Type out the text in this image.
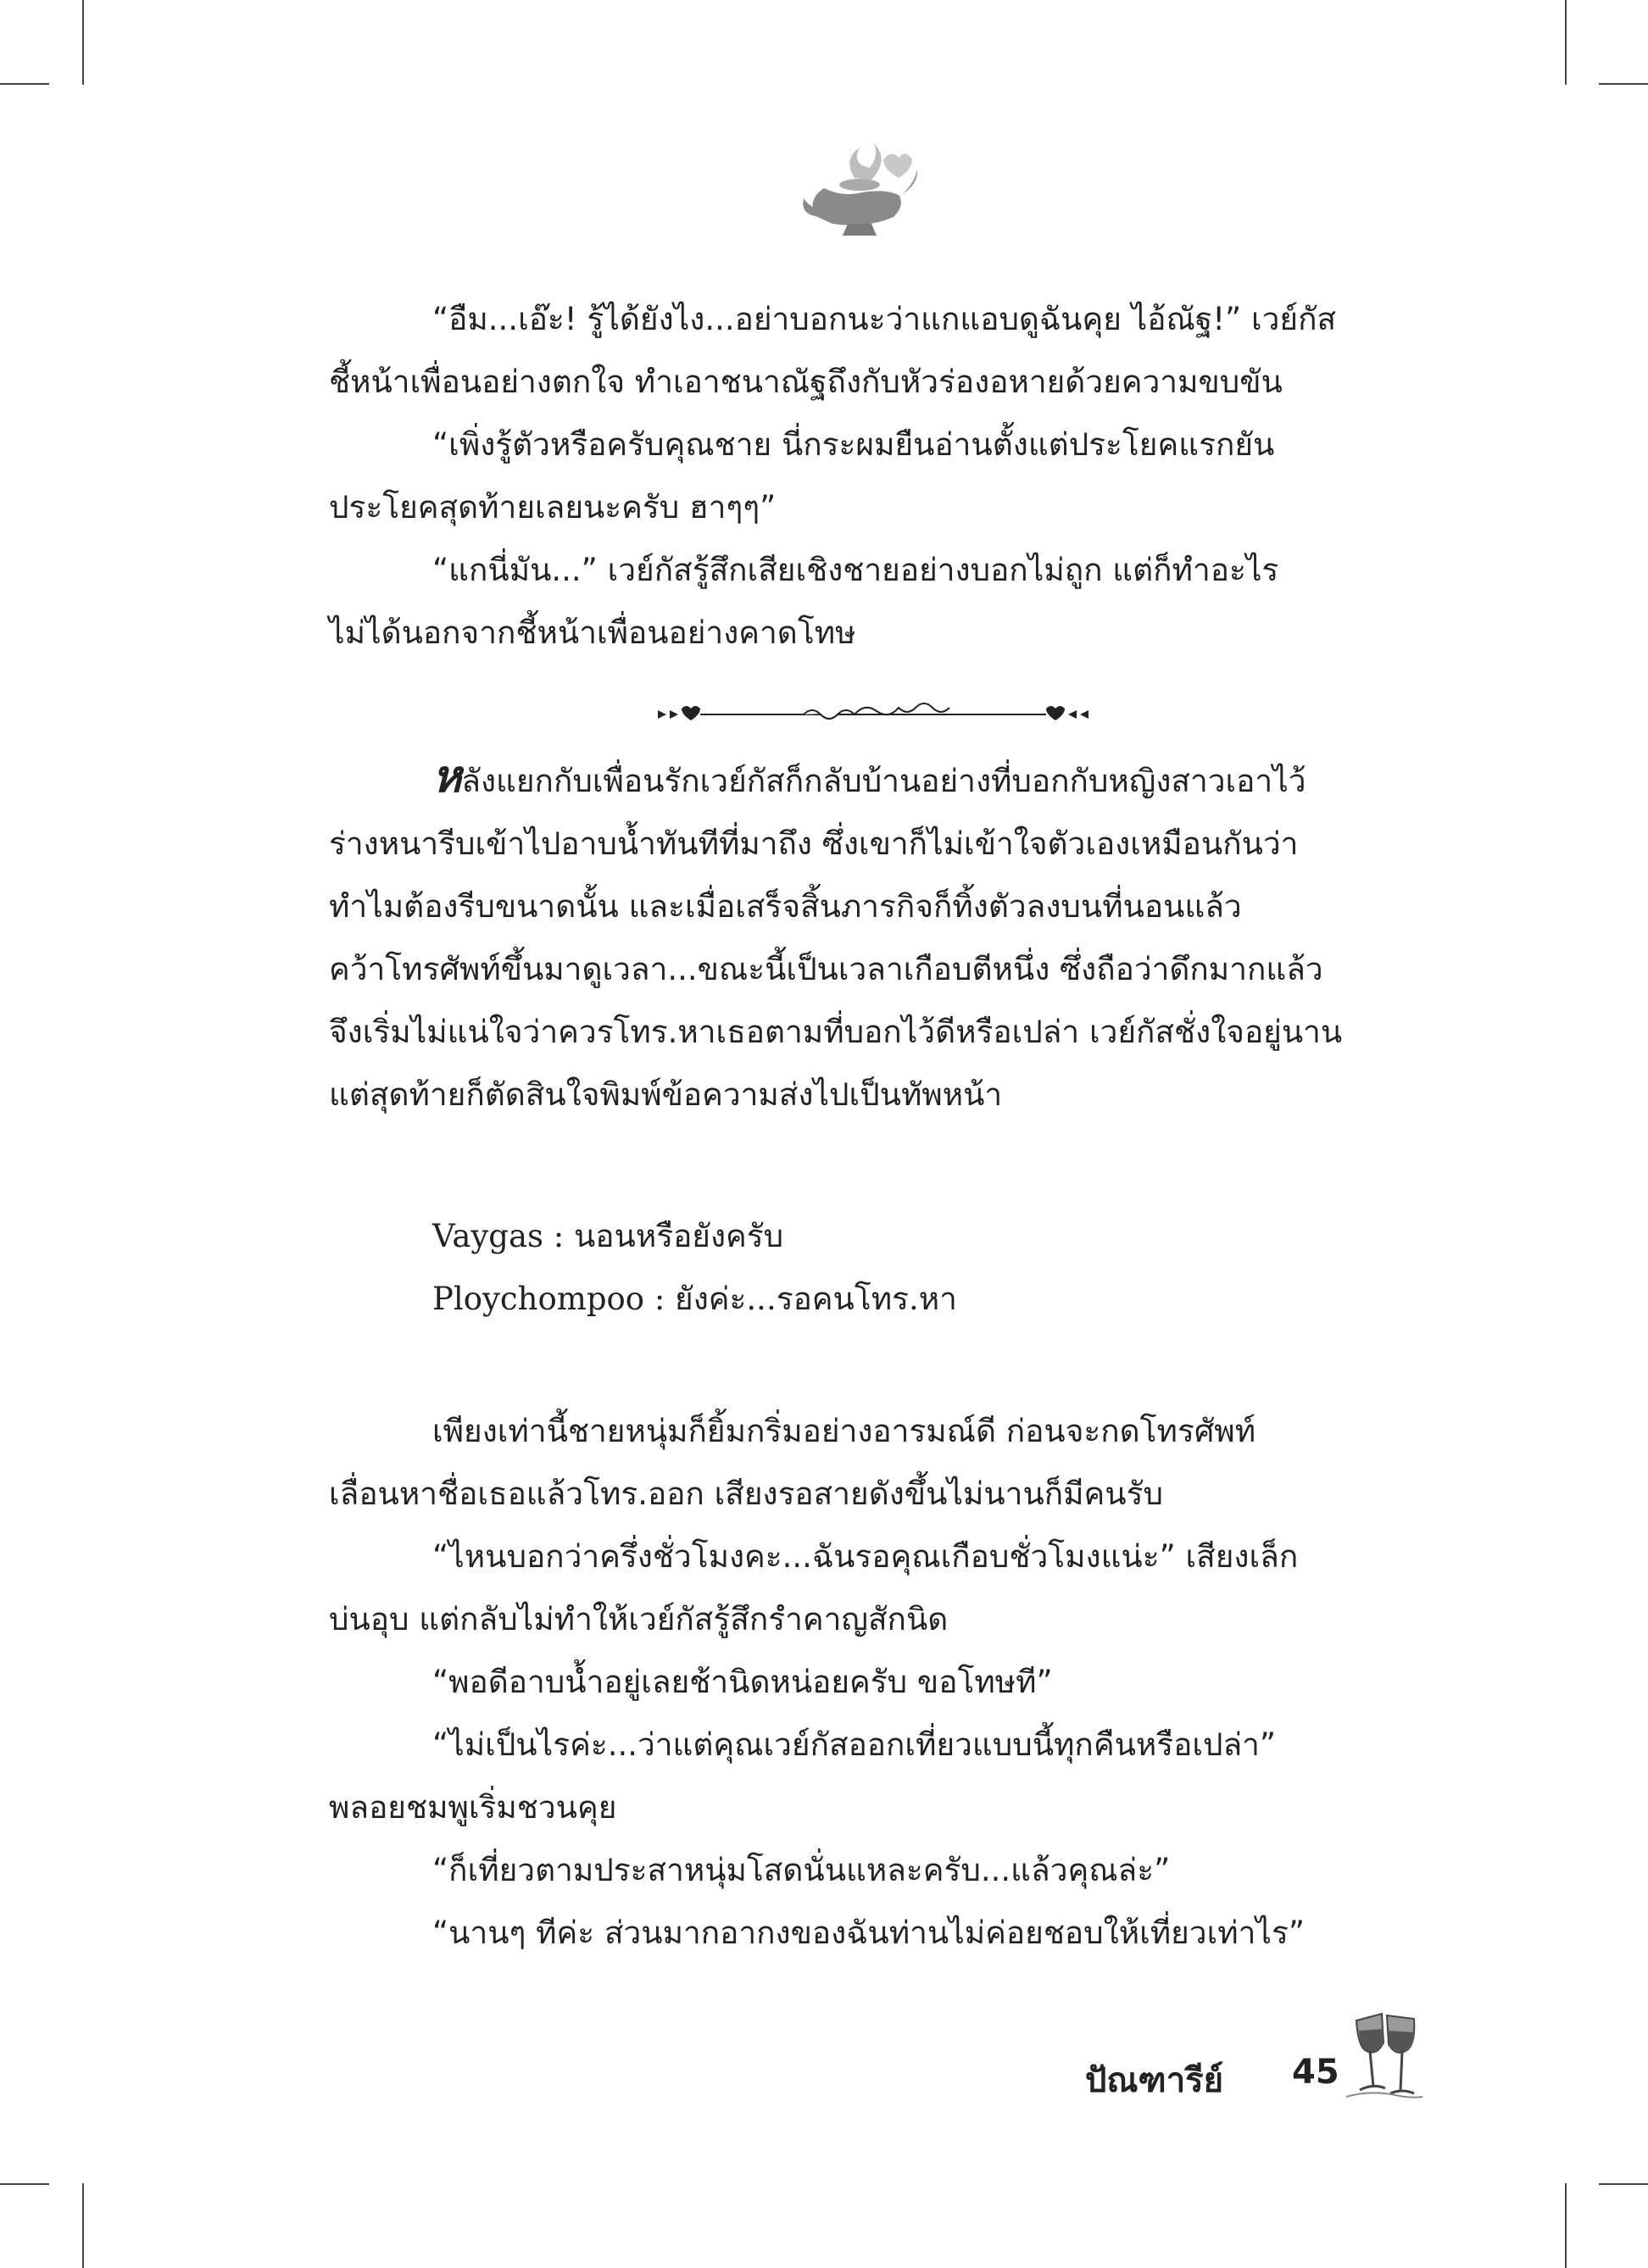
“อืม...เอ๊ะ! รู้ได้ยังไง...อย่าบอกนะว่าแกแอบดูฉันคุย ไอ้ณัฐ!” เวย์กัส

ชี้หน้าเพื่อนอย่างตกใจ ทำเอาชนาณัฐถึงกับหัวร่องอหายด้วยความขบขัน

“เพิ่งรู้ตัวหรือครับคุณชาย นี่กระผมยืนอ่านตั้งแต่ประโยคแรกยัน

ประโยคสุดท้ายเลยนะครับ ฮาๆๆ”

“แกนี่มัน...” เวย์กัสรู้สึกเสียเชิงชายอย่างบอกไม่ถูก แต่ก็ทำอะไร

ไม่ได้นอกจากชี้หน้าเพื่อนอย่างคาดโทษ

หลังแยกกับเพื่อนรักเวย์กัสก็กลับบ้านอย่างที่บอกกับหญิงสาวเอาไว้

ร่างหนารีบเข้าไปอาบน้ำทันทีที่มาถึง ซึ่งเขาก็ไม่เข้าใจตัวเองเหมือนกันว่า

ทำไมต้องรีบขนาดนั้น และเมื่อเสร็จสิ้นภารกิจก็ทิ้งตัวลงบนที่นอนแล้ว

คว้าโทรศัพท์ขึ้นมาดูเวลา...ขณะนี้เป็นเวลาเกือบตีหนึ่ง ซึ่งถือว่าดึกมากแล้ว

จึงเริ่มไม่แน่ใจว่าควรโทร.หาเธอตามที่บอกไว้ดีหรือเปล่า เวย์กัสชั่งใจอยู่นาน

แต่สุดท้ายก็ตัดสินใจพิมพ์ข้อความส่งไปเป็นทัพหน้า

Vaygas : นอนหรือยังครับ

Ploychompoo : ยังค่ะ...รอคนโทร.หา

เพียงเท่านี้ชายหนุ่มก็ยิ้มกริ่มอย่างอารมณ์ดี ก่อนจะกดโทรศัพท์

เลื่อนหาชื่อเธอแล้วโทร.ออก เสียงรอสายดังขึ้นไม่นานก็มีคนรับ

“ไหนบอกว่าครึ่งชั่วโมงคะ...ฉันรอคุณเกือบชั่วโมงแน่ะ” เสียงเล็ก

บ่นอุบ แต่กลับไม่ทำให้เวย์กัสรู้สึกรำคาญสักนิด

“พอดีอาบน้ำอยู่เลยช้านิดหน่อยครับ ขอโทษที”

“ไม่เป็นไรค่ะ...ว่าแต่คุณเวย์กัสออกเที่ยวแบบนี้ทุกคืนหรือเปล่า”

พลอยชมพูเริ่มชวนคุย

“ก็เที่ยวตามประสาหนุ่มโสดนั่นแหละครับ...แล้วคุณล่ะ”

“นานๆ ทีค่ะ ส่วนมากอากงของฉันท่านไม่ค่อยชอบให้เที่ยวเท่าไร”

ปัณฑารีย์ 45
